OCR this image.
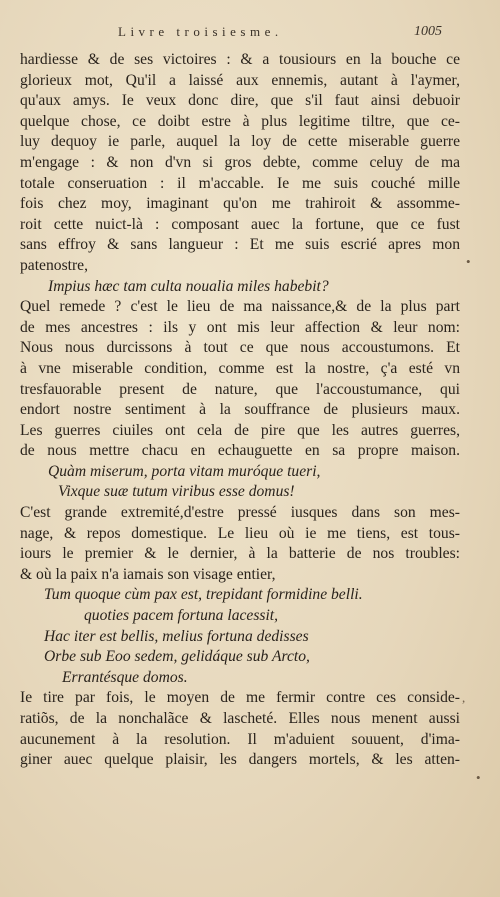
Livre troisiesme.	1005
hardiesse & de ses victoires : & a tousiours en la bouche ce
glorieux mot, Qu'il a laissé aux ennemis, autant à l'aymer,
qu'aux amys. Ie veux donc dire, que s'il faut ainsi debuoir
quelque chose, ce doibt estre à plus legitime tiltre, que ce-
luy dequoy ie parle, auquel la loy de cette miserable guerre
m'engage : & non d'vn si gros debte, comme celuy de ma
totale conseruation : il m'accable. Ie me suis couché mille
fois chez moy, imaginant qu'on me trahiroit & assomme-
roit cette nuict-là : composant auec la fortune, que ce fust
sans effroy & sans langueur : Et me suis escrié apres mon
patenostre,
Impius hæc tam culta noualia miles habebit?
Quel remede ? c'est le lieu de ma naissance,& de la plus part
de mes ancestres : ils y ont mis leur affection & leur nom:
Nous nous durcissons à tout ce que nous accoustumons. Et
à vne miserable condition, comme est la nostre, ç'a esté vn
tresfauorable present de nature, que l'accoustumance, qui
endort nostre sentiment à la souffrance de plusieurs maux.
Les guerres ciuiles ont cela de pire que les autres guerres,
de nous mettre chacu en echauguette en sa propre maison.
Quàm miserum, porta vitam muróque tueri,
Vixque suæ tutum viribus esse domus!
C'est grande extremité,d'estre pressé iusques dans son mes-
nage, & repos domestique. Le lieu où ie me tiens, est tous-
iours le premier & le dernier, à la batterie de nos troubles:
& où la paix n'a iamais son visage entier,
Tum quoque cùm pax est, trepidant formidine belli.
quoties pacem fortuna lacessit,
Hac iter est bellis, melius fortuna dedisses
Orbe sub Eoo sedem, gelidáque sub Arcto,
Errantésque domos.
Ie tire par fois, le moyen de me fermir contre ces conside-
ratiõs, de la nonchalãce & lascheté. Elles nous menent aussi
aucunement à la resolution. Il m'aduient souuent, d'ima-
giner auec quelque plaisir, les dangers mortels, & les atten-
•
,
•
